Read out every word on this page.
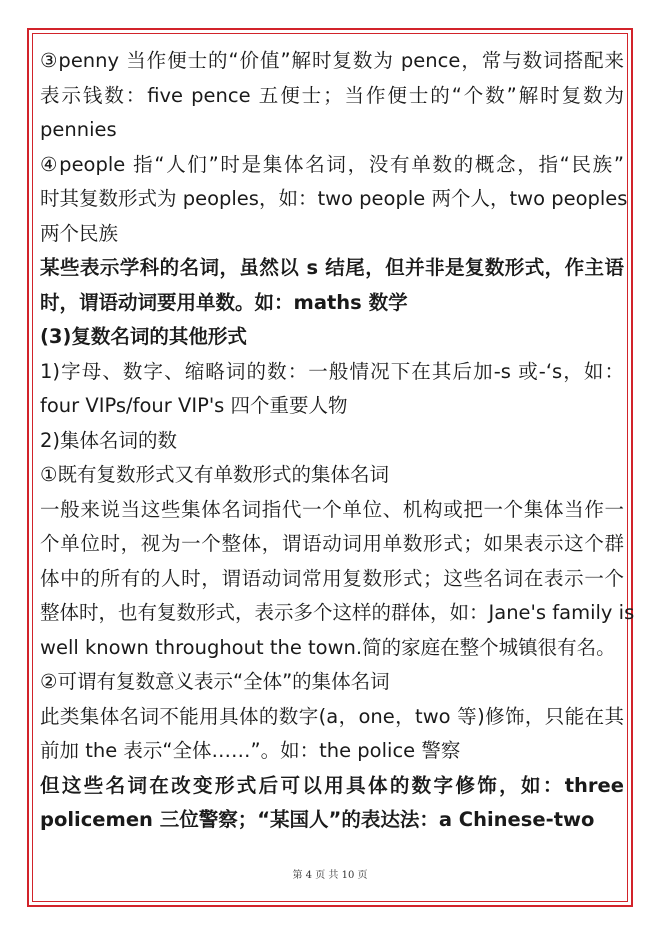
③penny 当作便士的“价值”解时复数为 pence，常与数词搭配来
表示钱数：five pence 五便士；当作便士的“个数”解时复数为
pennies
④people 指“人们”时是集体名词，没有单数的概念，指“民族”
时其复数形式为 peoples，如：two people 两个人，two peoples
两个民族
某些表示学科的名词，虽然以 s 结尾，但并非是复数形式，作主语
时，谓语动词要用单数。如：maths 数学
(3)复数名词的其他形式
1)字母、数字、缩略词的数：一般情况下在其后加-s 或-‘s，如：
four VIPs/four VIP's 四个重要人物
2)集体名词的数
①既有复数形式又有单数形式的集体名词
一般来说当这些集体名词指代一个单位、机构或把一个集体当作一
个单位时，视为一个整体，谓语动词用单数形式；如果表示这个群
体中的所有的人时，谓语动词常用复数形式；这些名词在表示一个
整体时，也有复数形式，表示多个这样的群体，如：Jane's family is
well known throughout the town.简的家庭在整个城镇很有名。
②可谓有复数意义表示“全体”的集体名词
此类集体名词不能用具体的数字(a，one，two 等)修饰，只能在其
前加 the 表示“全体……”。如：the police 警察
但这些名词在改变形式后可以用具体的数字修饰，如：three
policemen 三位警察；“某国人”的表达法：a Chinese-two
第 4 页 共 10 页
